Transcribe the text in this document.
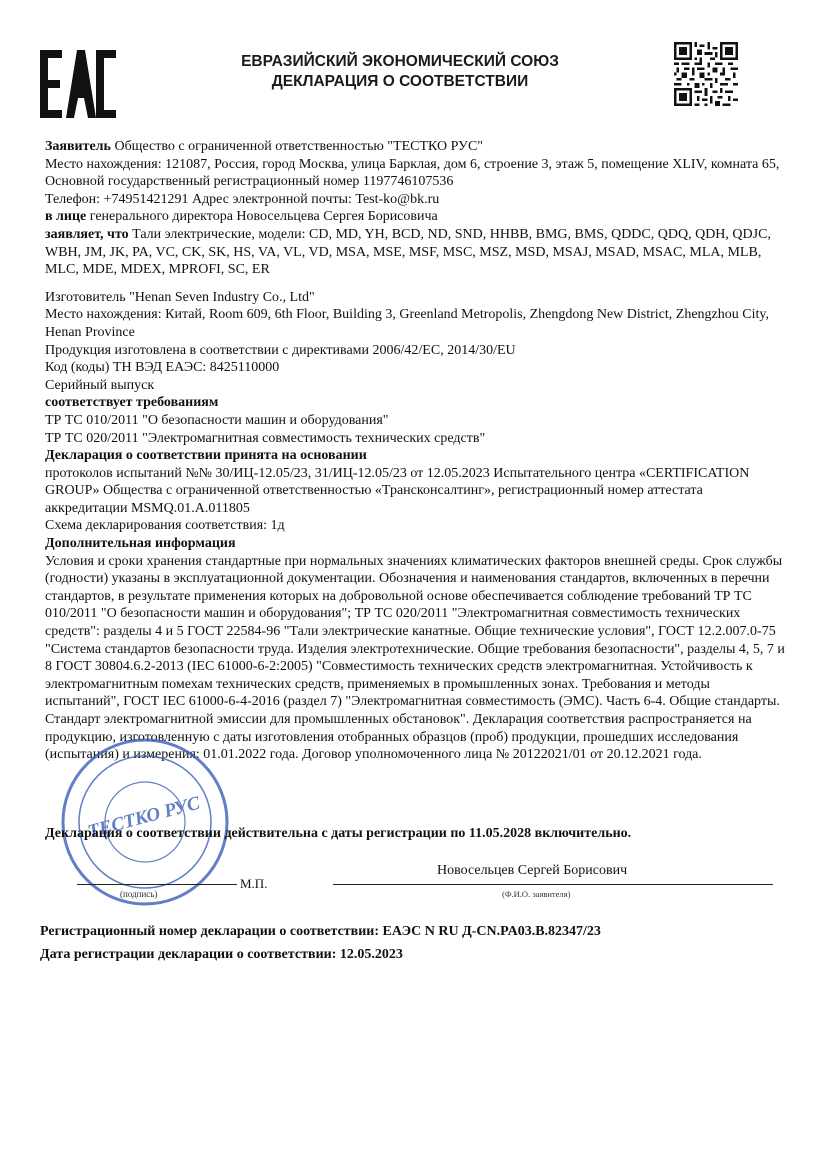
ЕВРАЗИЙСКИЙ ЭКОНОМИЧЕСКИЙ СОЮЗ
ДЕКЛАРАЦИЯ О СООТВЕТСТВИИ

Заявитель Общество с ограниченной ответственностью "ТЕСТКО РУС"

Место нахождения: 121087, Россия, город Москва, улица Барклая, дом 6, строение 3, этаж 5, помещение XLIV, комната 65, Основной государственный регистрационный номер 1197746107536

Телефон: +74951421291 Адрес электронной почты: Test-ko@bk.ru

в лице генерального директора Новосельцева Сергея Борисовича

заявляет, что Тали электрические, модели: CD, MD, YH, BCD, ND, SND, HHBB, BMG, BMS, QDDC, QDQ, QDH, QDJC, WBH, JM, JK, PA, VC, CK, SK, HS, VA, VL, VD, MSA, MSE, MSF, MSC, MSZ, MSD, MSAJ, MSAD, MSAC, MLA, MLB, MLC, MDE, MDEX, MPROFI, SC, ER

Изготовитель "Henan Seven Industry Co., Ltd"

Место нахождения: Китай, Room 609, 6th Floor, Building 3, Greenland Metropolis, Zhengdong New District, Zhengzhou City, Henan Province

Продукция изготовлена в соответствии с директивами 2006/42/EC, 2014/30/EU

Код (коды) ТН ВЭД ЕАЭС: 8425110000

Серийный выпуск

соответствует требованиям

ТР ТС 010/2011 "О безопасности машин и оборудования"

ТР ТС 020/2011 "Электромагнитная совместимость технических средств"

Декларация о соответствии принята на основании

протоколов испытаний №№ 30/ИЦ-12.05/23, 31/ИЦ-12.05/23 от 12.05.2023 Испытательного центра «CERTIFICATION GROUP» Общества с ограниченной ответственностью «Трансконсалтинг», регистрационный номер аттестата аккредитации MSMQ.01.A.011805

Схема декларирования соответствия: 1д

Дополнительная информация

Условия и сроки хранения стандартные при нормальных значениях климатических факторов внешней среды. Срок службы (годности) указаны в эксплуатационной документации. Обозначения и наименования стандартов, включенных в перечни стандартов, в результате применения которых на добровольной основе обеспечивается соблюдение требований ТР ТС 010/2011 "О безопасности машин и оборудования"; ТР ТС 020/2011 "Электромагнитная совместимость технических средств": разделы 4 и 5 ГОСТ 22584-96 "Тали электрические канатные. Общие технические условия", ГОСТ 12.2.007.0-75 "Система стандартов безопасности труда. Изделия электротехнические. Общие требования безопасности", разделы 4, 5, 7 и 8 ГОСТ 30804.6.2-2013 (IEC 61000-6-2:2005) "Совместимость технических средств электромагнитная. Устойчивость к электромагнитным помехам технических средств, применяемых в промышленных зонах. Требования и методы испытаний", ГОСТ IEC 61000-6-4-2016 (раздел 7) "Электромагнитная совместимость (ЭМС). Часть 6-4. Общие стандарты. Стандарт электромагнитной эмиссии для промышленных обстановок". Декларация соответствия распространяется на продукцию, изготовленную с даты изготовления отобранных образцов (проб) продукции, прошедших исследования (испытания) и измерения: 01.01.2022 года. Договор уполномоченного лица № 20122021/01 от 20.12.2021 года.

ТЕСТКО РУС
Декларация о соответствии действительна с даты регистрации по 11.05.2028 включительно.
(подпись)
М.П.
Новосельцев Сергей Борисович
(Ф.И.О. заявителя)
Регистрационный номер декларации о соответствии: ЕАЭС N RU Д-CN.PA03.B.82347/23
Дата регистрации декларации о соответствии: 12.05.2023
